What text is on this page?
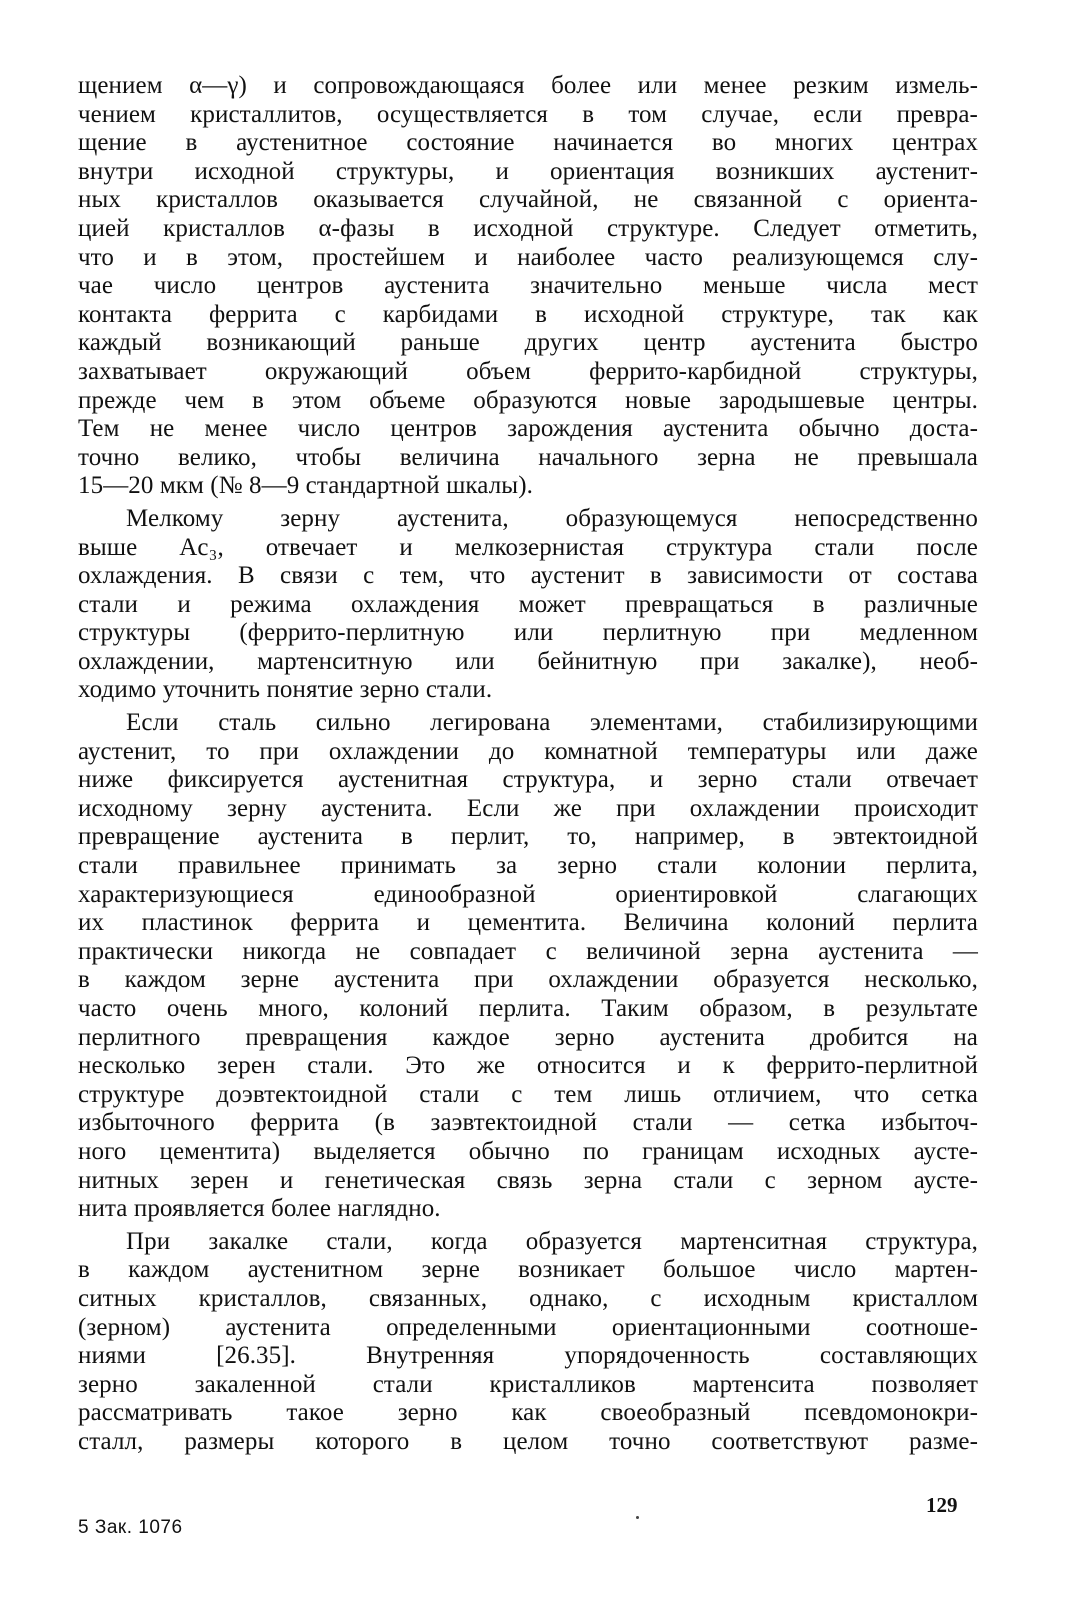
щением α—γ) и сопровождающаяся более или менее резким измель-
чением кристаллитов, осуществляется в том случае, если превра-
щение в аустенитное состояние начинается во многих центрах
внутри исходной структуры, и ориентация возникших аустенит-
ных кристаллов оказывается случайной, не связанной с ориента-
цией кристаллов α-фазы в исходной структуре. Следует отметить,
что и в этом, простейшем и наиболее часто реализующемся слу-
чае число центров аустенита значительно меньше числа мест
контакта феррита с карбидами в исходной структуре, так как
каждый возникающий раньше других центр аустенита быстро
захватывает окружающий объем феррито-карбидной структуры,
прежде чем в этом объеме образуются новые зародышевые центры.
Тем не менее число центров зарождения аустенита обычно доста-
точно велико, чтобы величина начального зерна не превышала
15—20 мкм (№ 8—9 стандартной шкалы).
Мелкому зерну аустенита, образующемуся непосредственно
выше Ac₃, отвечает и мелкозернистая структура стали после
охлаждения. В связи с тем, что аустенит в зависимости от состава
стали и режима охлаждения может превращаться в различные
структуры (феррито-перлитную или перлитную при медленном
охлаждении, мартенситную или бейнитную при закалке), необ-
ходимо уточнить понятие зерно стали.
Если сталь сильно легирована элементами, стабилизирующими
аустенит, то при охлаждении до комнатной температуры или даже
ниже фиксируется аустенитная структура, и зерно стали отвечает
исходному зерну аустенита. Если же при охлаждении происходит
превращение аустенита в перлит, то, например, в эвтектоидной
стали правильнее принимать за зерно стали колонии перлита,
характеризующиеся единообразной ориентировкой слагающих
их пластинок феррита и цементита. Величина колоний перлита
практически никогда не совпадает с величиной зерна аустенита —
в каждом зерне аустенита при охлаждении образуется несколько,
часто очень много, колоний перлита. Таким образом, в результате
перлитного превращения каждое зерно аустенита дробится на
несколько зерен стали. Это же относится и к феррито-перлитной
структуре доэвтектоидной стали с тем лишь отличием, что сетка
избыточного феррита (в заэвтектоидной стали — сетка избыточ-
ного цементита) выделяется обычно по границам исходных аусте-
нитных зерен и генетическая связь зерна стали с зерном аусте-
нита проявляется более наглядно.
При закалке стали, когда образуется мартенситная структура,
в каждом аустенитном зерне возникает большое число мартен-
ситных кристаллов, связанных, однако, с исходным кристаллом
(зерном) аустенита определенными ориентационными соотноше-
ниями [26.35]. Внутренняя упорядоченность составляющих
зерно закаленной стали кристалликов мартенсита позволяет
рассматривать такое зерно как своеобразный псевдомонокри-
сталл, размеры которого в целом точно соответствуют разме-
129
5 Зак. 1076
